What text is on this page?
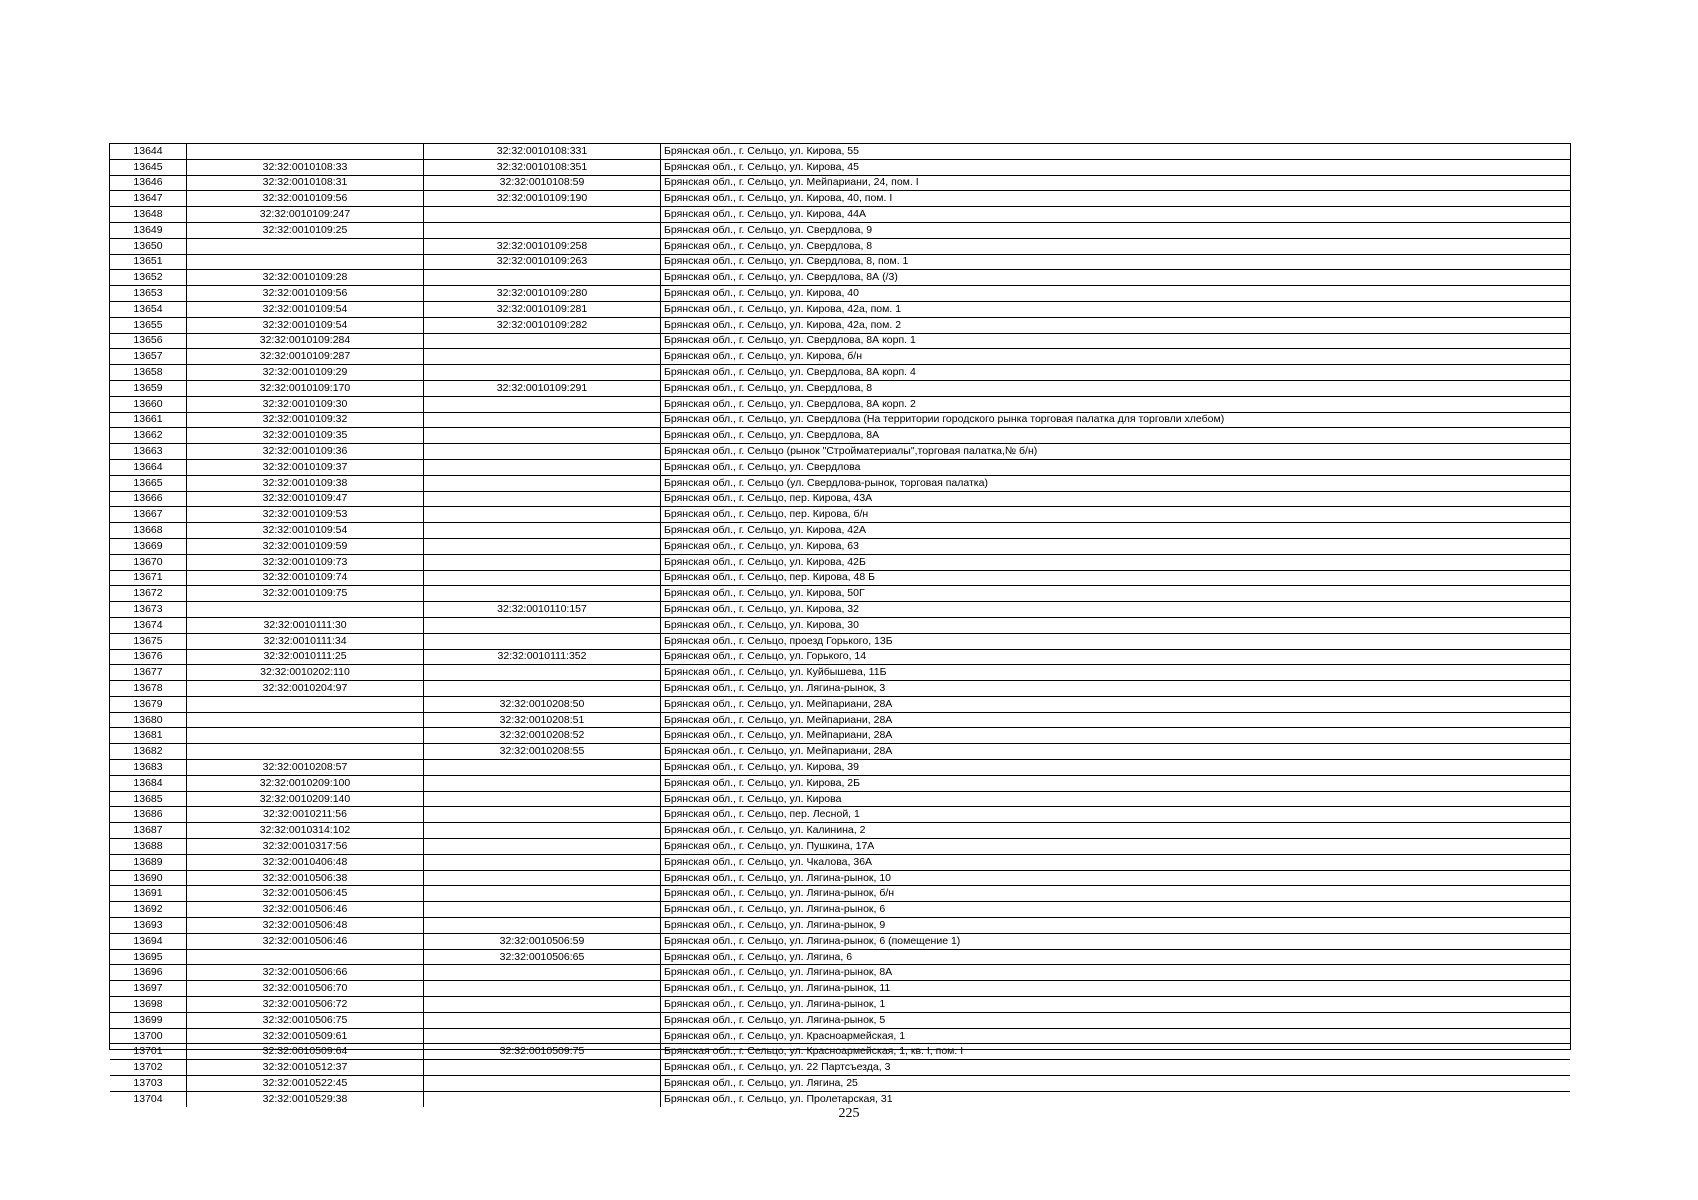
13644		32:32:0010108:331	Брянская обл., г. Сельцо, ул. Кирова, 55
13645	32:32:0010108:33	32:32:0010108:351	Брянская обл., г. Сельцо, ул. Кирова, 45
13646	32:32:0010108:31	32:32:0010108:59	Брянская обл., г. Сельцо, ул. Мейпариани, 24, пом. I
13647	32:32:0010109:56	32:32:0010109:190	Брянская обл., г. Сельцо, ул. Кирова, 40, пом. I
13648	32:32:0010109:247		Брянская обл., г. Сельцо, ул. Кирова, 44А
13649	32:32:0010109:25		Брянская обл., г. Сельцо, ул. Свердлова, 9
13650		32:32:0010109:258	Брянская обл., г. Сельцо, ул. Свердлова, 8
13651		32:32:0010109:263	Брянская обл., г. Сельцо, ул. Свердлова, 8, пом. 1
13652	32:32:0010109:28		Брянская обл., г. Сельцо, ул. Свердлова, 8А (/3)
13653	32:32:0010109:56	32:32:0010109:280	Брянская обл., г. Сельцо, ул. Кирова, 40
13654	32:32:0010109:54	32:32:0010109:281	Брянская обл., г. Сельцо, ул. Кирова, 42а, пом. 1
13655	32:32:0010109:54	32:32:0010109:282	Брянская обл., г. Сельцо, ул. Кирова, 42а, пом. 2
13656	32:32:0010109:284		Брянская обл., г. Сельцо, ул. Свердлова, 8А корп. 1
13657	32:32:0010109:287		Брянская обл., г. Сельцо, ул. Кирова, б/н
13658	32:32:0010109:29		Брянская обл., г. Сельцо, ул. Свердлова, 8А корп. 4
13659	32:32:0010109:170	32:32:0010109:291	Брянская обл., г. Сельцо, ул. Свердлова, 8
13660	32:32:0010109:30		Брянская обл., г. Сельцо, ул. Свердлова, 8А корп. 2
13661	32:32:0010109:32		Брянская обл., г. Сельцо, ул. Свердлова (На территории городского рынка торговая палатка для торговли хлебом)
13662	32:32:0010109:35		Брянская обл., г. Сельцо, ул. Свердлова, 8А
13663	32:32:0010109:36		Брянская обл., г. Сельцо (рынок "Стройматериалы",торговая палатка,№ б/н)
13664	32:32:0010109:37		Брянская обл., г. Сельцо, ул. Свердлова
13665	32:32:0010109:38		Брянская обл., г. Сельцо (ул. Свердлова-рынок, торговая палатка)
13666	32:32:0010109:47		Брянская обл., г. Сельцо, пер. Кирова, 43А
13667	32:32:0010109:53		Брянская обл., г. Сельцо, пер. Кирова, б/н
13668	32:32:0010109:54		Брянская обл., г. Сельцо, ул. Кирова, 42А
13669	32:32:0010109:59		Брянская обл., г. Сельцо, ул. Кирова, 63
13670	32:32:0010109:73		Брянская обл., г. Сельцо, ул. Кирова, 42Б
13671	32:32:0010109:74		Брянская обл., г. Сельцо, пер. Кирова, 48 Б
13672	32:32:0010109:75		Брянская обл., г. Сельцо, ул. Кирова, 50Г
13673		32:32:0010110:157	Брянская обл., г. Сельцо, ул. Кирова, 32
13674	32:32:0010111:30		Брянская обл., г. Сельцо, ул. Кирова, 30
13675	32:32:0010111:34		Брянская обл., г. Сельцо, проезд Горького, 13Б
13676	32:32:0010111:25	32:32:0010111:352	Брянская обл., г. Сельцо, ул. Горького, 14
13677	32:32:0010202:110		Брянская обл., г. Сельцо, ул. Куйбышева, 11Б
13678	32:32:0010204:97		Брянская обл., г. Сельцо, ул. Лягина-рынок, 3
13679		32:32:0010208:50	Брянская обл., г. Сельцо, ул. Мейпариани, 28А
13680		32:32:0010208:51	Брянская обл., г. Сельцо, ул. Мейпариани, 28А
13681		32:32:0010208:52	Брянская обл., г. Сельцо, ул. Мейпариани, 28А
13682		32:32:0010208:55	Брянская обл., г. Сельцо, ул. Мейпариани, 28А
13683	32:32:0010208:57		Брянская обл., г. Сельцо, ул. Кирова, 39
13684	32:32:0010209:100		Брянская обл., г. Сельцо, ул. Кирова, 2Б
13685	32:32:0010209:140		Брянская обл., г. Сельцо, ул. Кирова
13686	32:32:0010211:56		Брянская обл., г. Сельцо, пер. Лесной, 1
13687	32:32:0010314:102		Брянская обл., г. Сельцо, ул. Калинина, 2
13688	32:32:0010317:56		Брянская обл., г. Сельцо, ул. Пушкина, 17А
13689	32:32:0010406:48		Брянская обл., г. Сельцо, ул. Чкалова, 36А
13690	32:32:0010506:38		Брянская обл., г. Сельцо, ул. Лягина-рынок, 10
13691	32:32:0010506:45		Брянская обл., г. Сельцо, ул. Лягина-рынок, б/н
13692	32:32:0010506:46		Брянская обл., г. Сельцо, ул. Лягина-рынок, 6
13693	32:32:0010506:48		Брянская обл., г. Сельцо, ул. Лягина-рынок, 9
13694	32:32:0010506:46	32:32:0010506:59	Брянская обл., г. Сельцо, ул. Лягина-рынок, 6 (помещение 1)
13695		32:32:0010506:65	Брянская обл., г. Сельцо, ул. Лягина, 6
13696	32:32:0010506:66		Брянская обл., г. Сельцо, ул. Лягина-рынок, 8А
13697	32:32:0010506:70		Брянская обл., г. Сельцо, ул. Лягина-рынок, 11
13698	32:32:0010506:72		Брянская обл., г. Сельцо, ул. Лягина-рынок, 1
13699	32:32:0010506:75		Брянская обл., г. Сельцо, ул. Лягина-рынок, 5
13700	32:32:0010509:61		Брянская обл., г. Сельцо, ул. Красноармейская, 1
13701	32:32:0010509:64	32:32:0010509:75	Брянская обл., г. Сельцо, ул. Красноармейская, 1, кв. I, пом. I
13702	32:32:0010512:37		Брянская обл., г. Сельцо, ул. 22 Партсъезда, 3
13703	32:32:0010522:45		Брянская обл., г. Сельцо, ул. Лягина, 25
13704	32:32:0010529:38		Брянская обл., г. Сельцо, ул. Пролетарская, 31
225
